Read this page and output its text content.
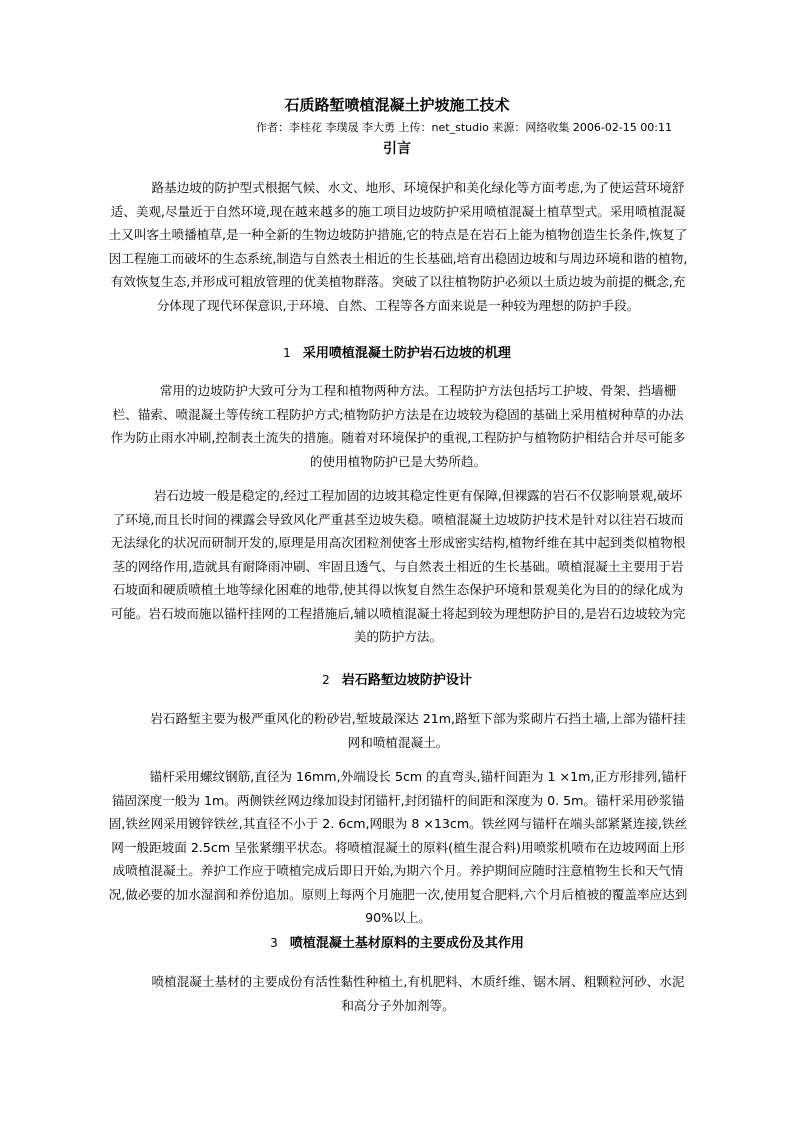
石质路堑喷植混凝土护坡施工技术
作者：李桂花 李璞晟 李大勇 上传：net_studio 来源：网络收集 2006-02-15 00:11
引言

路基边坡的防护型式根据气候、水文、地形、环境保护和美化绿化等方面考虑,为了使运营环境舒适、美观,尽量近于自然环境,现在越来越多的施工项目边坡防护采用喷植混凝土植草型式。采用喷植混凝土又叫客土喷播植草,是一种全新的生物边坡防护措施,它的特点是在岩石上能为植物创造生长条件,恢复了因工程施工而破坏的生态系统,制造与自然表土相近的生长基础,培育出稳固边坡和与周边环境和谐的植物,有效恢复生态,并形成可粗放管理的优美植物群落。突破了以往植物防护必须以土质边坡为前提的概念,充分体现了现代环保意识,于环境、自然、工程等各方面来说是一种较为理想的防护手段。

1 采用喷植混凝土防护岩石边坡的机理

常用的边坡防护大致可分为工程和植物两种方法。工程防护方法包括圬工护坡、骨架、挡墙栅栏、锚索、喷混凝土等传统工程防护方式;植物防护方法是在边坡较为稳固的基础上采用植树种草的办法作为防止雨水冲刷,控制表土流失的措施。随着对环境保护的重视,工程防护与植物防护相结合并尽可能多的使用植物防护已是大势所趋。

岩石边坡一般是稳定的,经过工程加固的边坡其稳定性更有保障,但裸露的岩石不仅影响景观,破坏了环境,而且长时间的裸露会导致风化严重甚至边坡失稳。喷植混凝土边坡防护技术是针对以往岩石坡而无法绿化的状况而研制开发的,原理是用高次团粒剂使客土形成密实结构,植物纤维在其中起到类似植物根茎的网络作用,造就具有耐降雨冲刷、牢固且透气、与自然表土相近的生长基础。喷植混凝土主要用于岩石坡面和硬质喷植土地等绿化困难的地带,使其得以恢复自然生态保护环境和景观美化为目的的绿化成为可能。岩石坡而施以锚杆挂网的工程措施后,辅以喷植混凝土将起到较为理想防护目的,是岩石边坡较为完美的防护方法。

2 岩石路堑边坡防护设计

岩石路堑主要为极严重风化的粉砂岩,堑坡最深达 21m,路堑下部为浆砌片石挡土墙,上部为锚杆挂网和喷植混凝土。

锚杆采用螺纹钢筋,直径为 16mm,外端设长 5cm 的直弯头,锚杆间距为 1 ×1m,正方形排列,锚杆锚固深度一般为 1m。两侧铁丝网边缘加设封闭锚杆,封闭锚杆的间距和深度为 0. 5m。锚杆采用砂浆锚固,铁丝网采用镀锌铁丝,其直径不小于 2. 6cm,网眼为 8 ×13cm。铁丝网与锚杆在端头部紧紧连接,铁丝网一般距坡面 2.5cm 呈张紧绷平状态。将喷植混凝土的原料(植生混合料)用喷浆机喷布在边坡网面上形成喷植混凝土。养护工作应于喷植完成后即日开始,为期六个月。养护期间应随时注意植物生长和天气情况,做必要的加水湿润和养份追加。原则上每两个月施肥一次,使用复合肥料,六个月后植被的覆盖率应达到 90%以上。

3 喷植混凝土基材原料的主要成份及其作用

喷植混凝土基材的主要成份有活性黏性种植土,有机肥料、木质纤维、锯木屑、粗颗粒河砂、水泥和高分子外加剂等。
